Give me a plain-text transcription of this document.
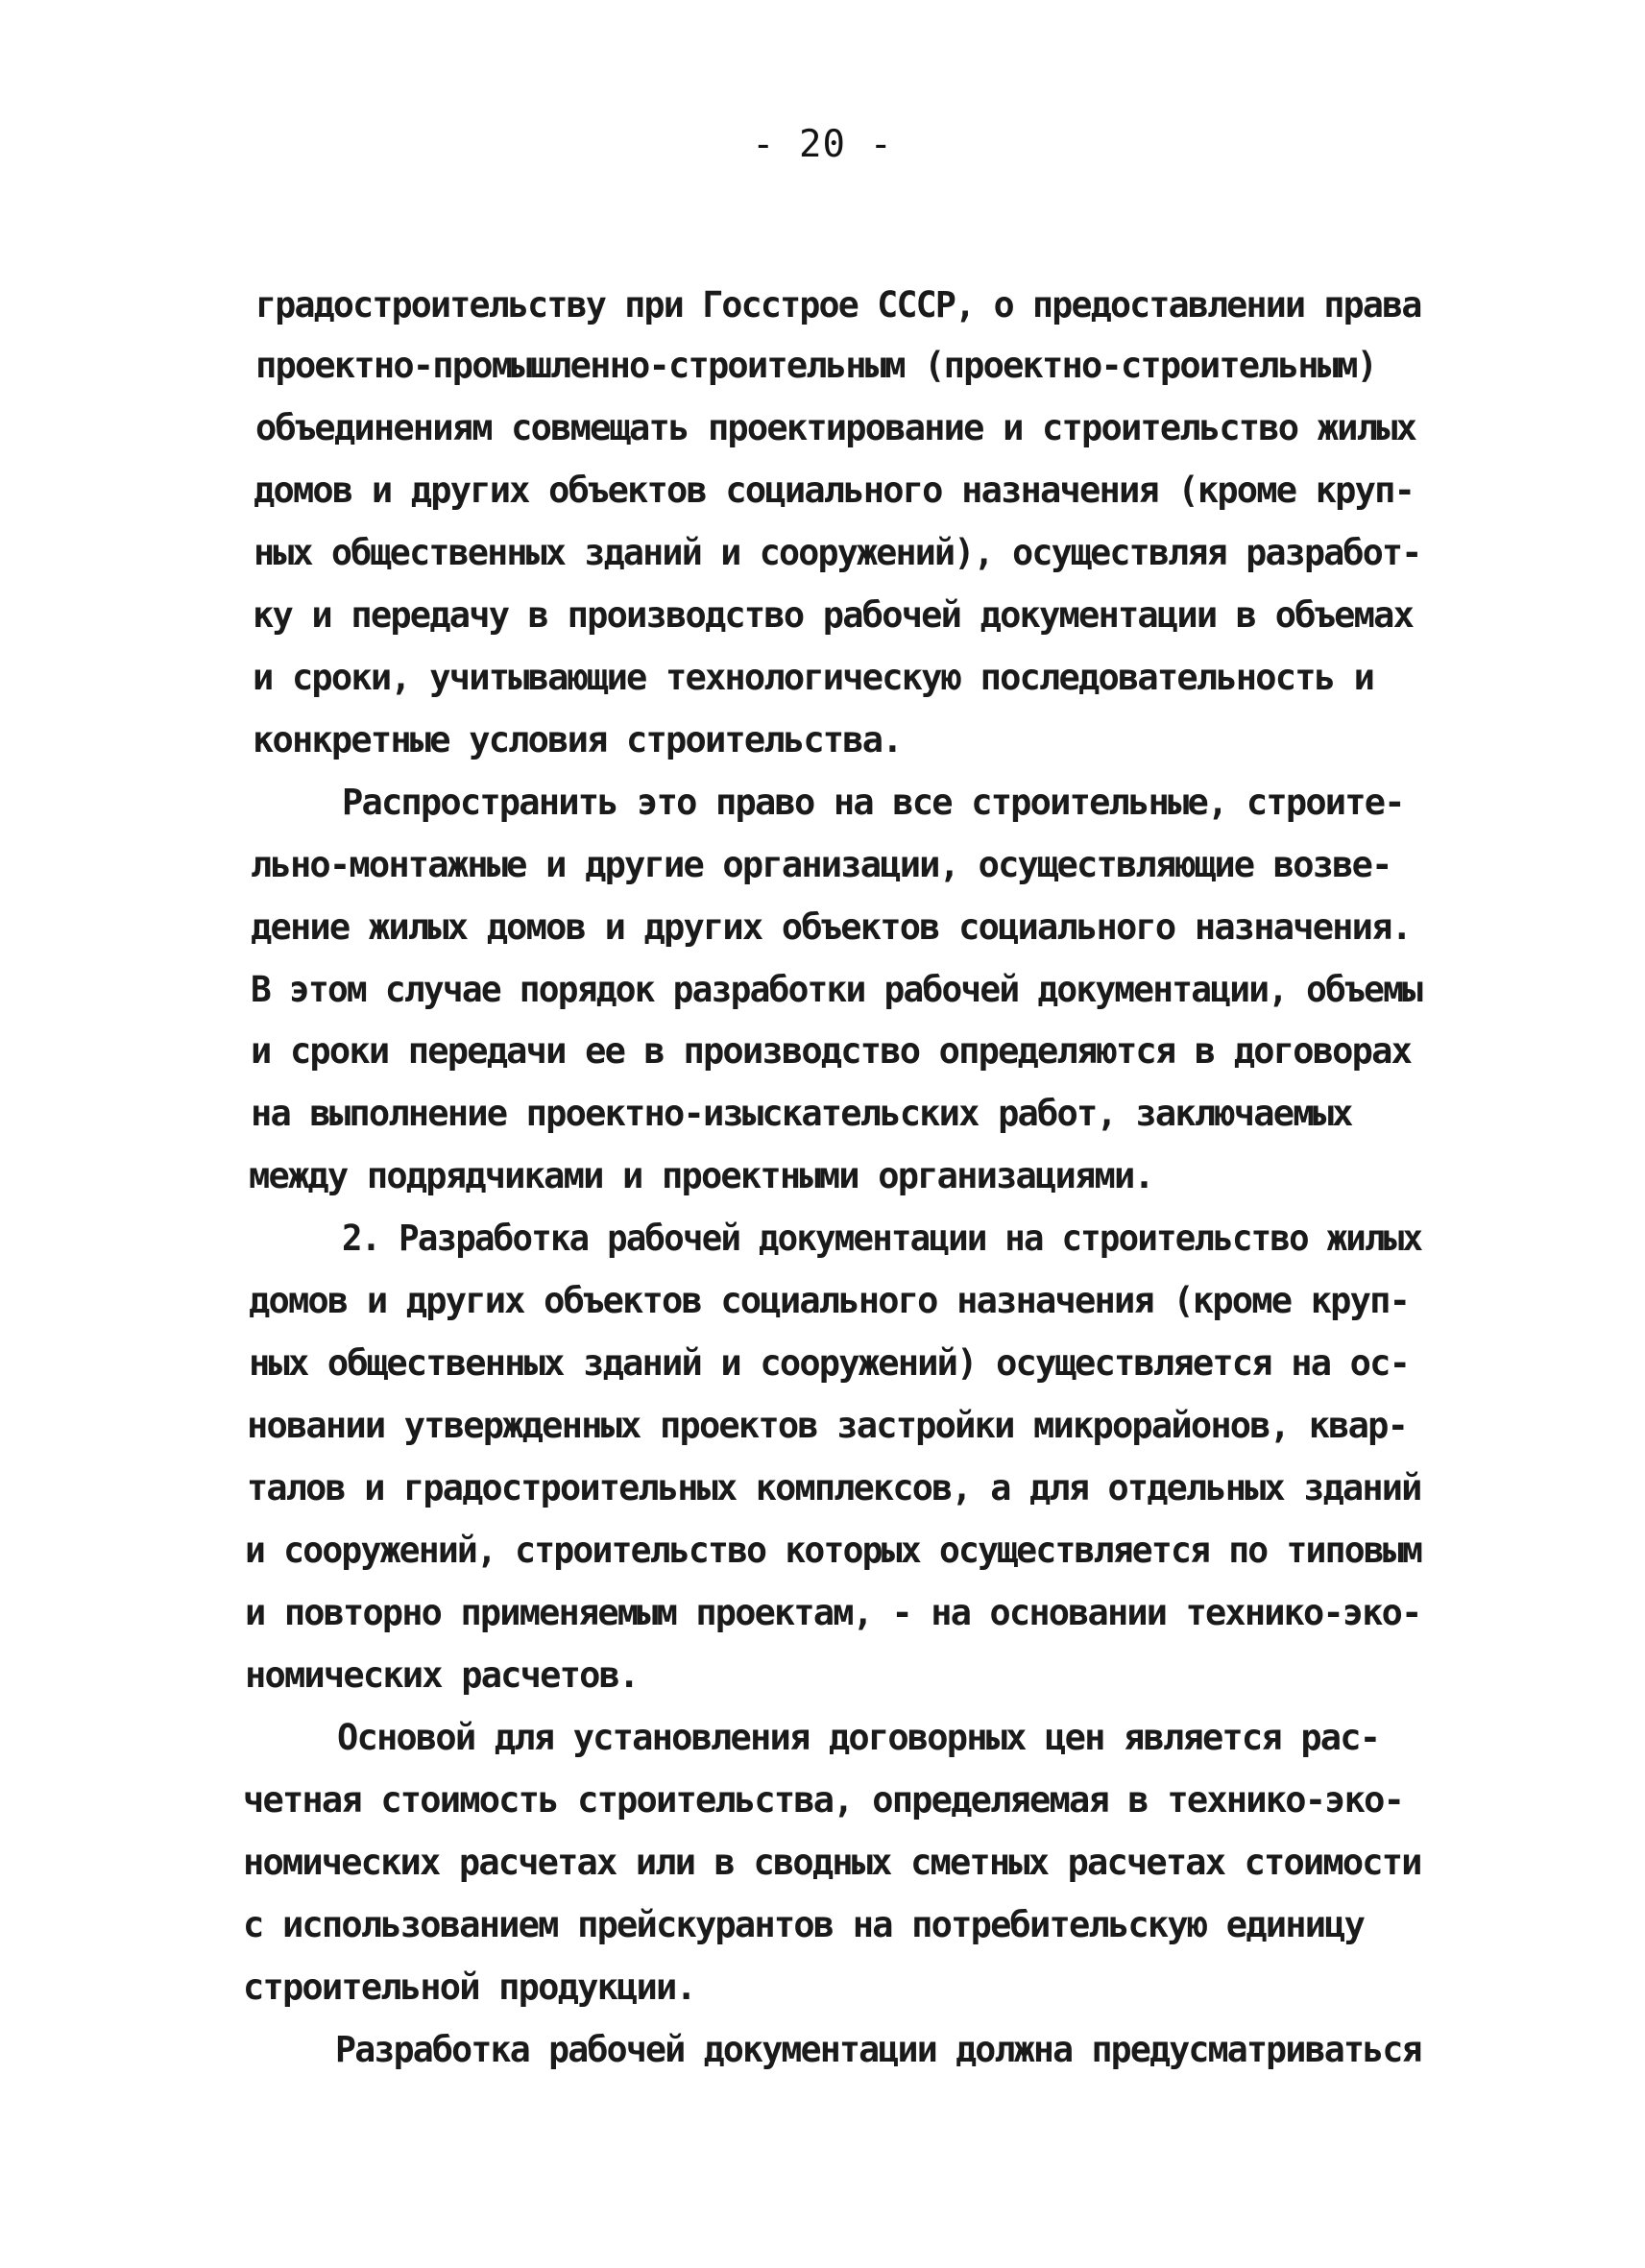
- 20 -

градостроительству при Госстрое СССР, о предоставлении права

проектно-промышленно-строительным (проектно-строительным)

объединениям совмещать проектирование и строительство жилых

домов и других объектов социального назначения (кроме круп-

ных общественных зданий и сооружений), осуществляя разработ-

ку и передачу в производство рабочей документации в объемах

и сроки, учитывающие технологическую последовательность и

конкретные условия строительства.

Распространить это право на все строительные, строите-

льно-монтажные и другие организации, осуществляющие возве-

дение жилых домов и других объектов социального назначения.

В этом случае порядок разработки рабочей документации, объемы

и сроки передачи ее в производство определяются в договорах

на выполнение проектно-изыскательских работ, заключаемых

между подрядчиками и проектными организациями.

2. Разработка рабочей документации на строительство жилых

домов и других объектов социального назначения (кроме круп-

ных общественных зданий и сооружений) осуществляется на ос-

новании утвержденных проектов застройки микрорайонов, квар-

талов и градостроительных комплексов, а для отдельных зданий

и сооружений, строительство которых осуществляется по типовым

и повторно применяемым проектам, - на основании технико-эко-

номических расчетов.

Основой для установления договорных цен является рас-

четная стоимость строительства, определяемая в технико-эко-

номических расчетах или в сводных сметных расчетах стоимости

с использованием прейскурантов на потребительскую единицу

строительной продукции.

Разработка рабочей документации должна предусматриваться
